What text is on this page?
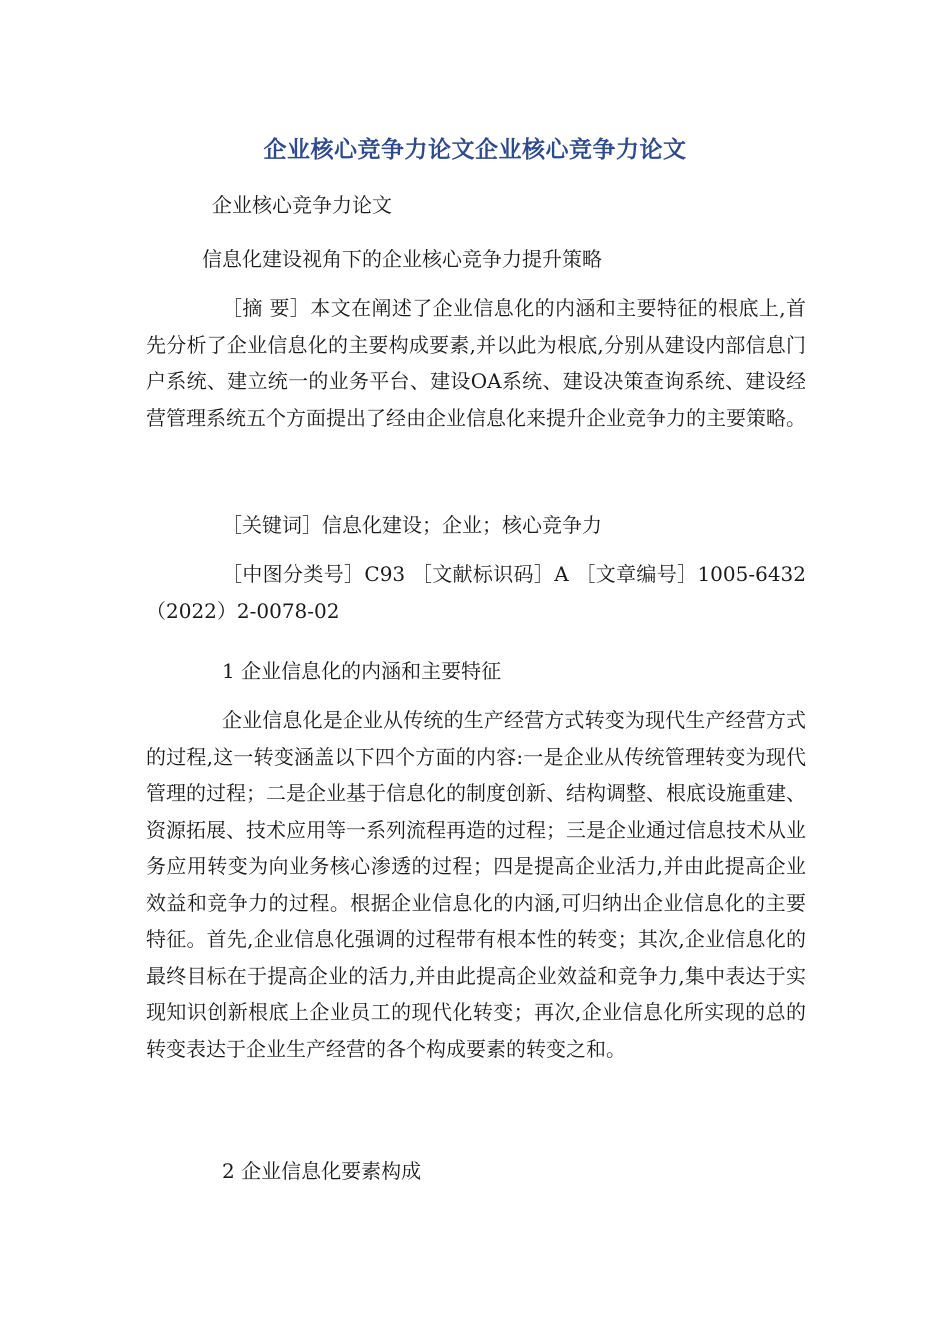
企业核心竞争力论文企业核心竞争力论文
企业核心竞争力论文
信息化建设视角下的企业核心竞争力提升策略
［摘 要］本文在阐述了企业信息化的内涵和主要特征的根底上,首先分析了企业信息化的主要构成要素,并以此为根底,分别从建设内部信息门户系统、建立统一的业务平台、建设OA系统、建设决策查询系统、建设经营管理系统五个方面提出了经由企业信息化来提升企业竞争力的主要策略。
［关键词］信息化建设；企业；核心竞争力
［中图分类号］C93 ［文献标识码］A ［文章编号］1005-6432（2022）2-0078-02
1 企业信息化的内涵和主要特征
企业信息化是企业从传统的生产经营方式转变为现代生产经营方式的过程,这一转变涵盖以下四个方面的内容:一是企业从传统管理转变为现代管理的过程；二是企业基于信息化的制度创新、结构调整、根底设施重建、资源拓展、技术应用等一系列流程再造的过程；三是企业通过信息技术从业务应用转变为向业务核心渗透的过程；四是提高企业活力,并由此提高企业效益和竞争力的过程。根据企业信息化的内涵,可归纳出企业信息化的主要特征。首先,企业信息化强调的过程带有根本性的转变；其次,企业信息化的最终目标在于提高企业的活力,并由此提高企业效益和竞争力,集中表达于实现知识创新根底上企业员工的现代化转变；再次,企业信息化所实现的总的转变表达于企业生产经营的各个构成要素的转变之和。
2 企业信息化要素构成
